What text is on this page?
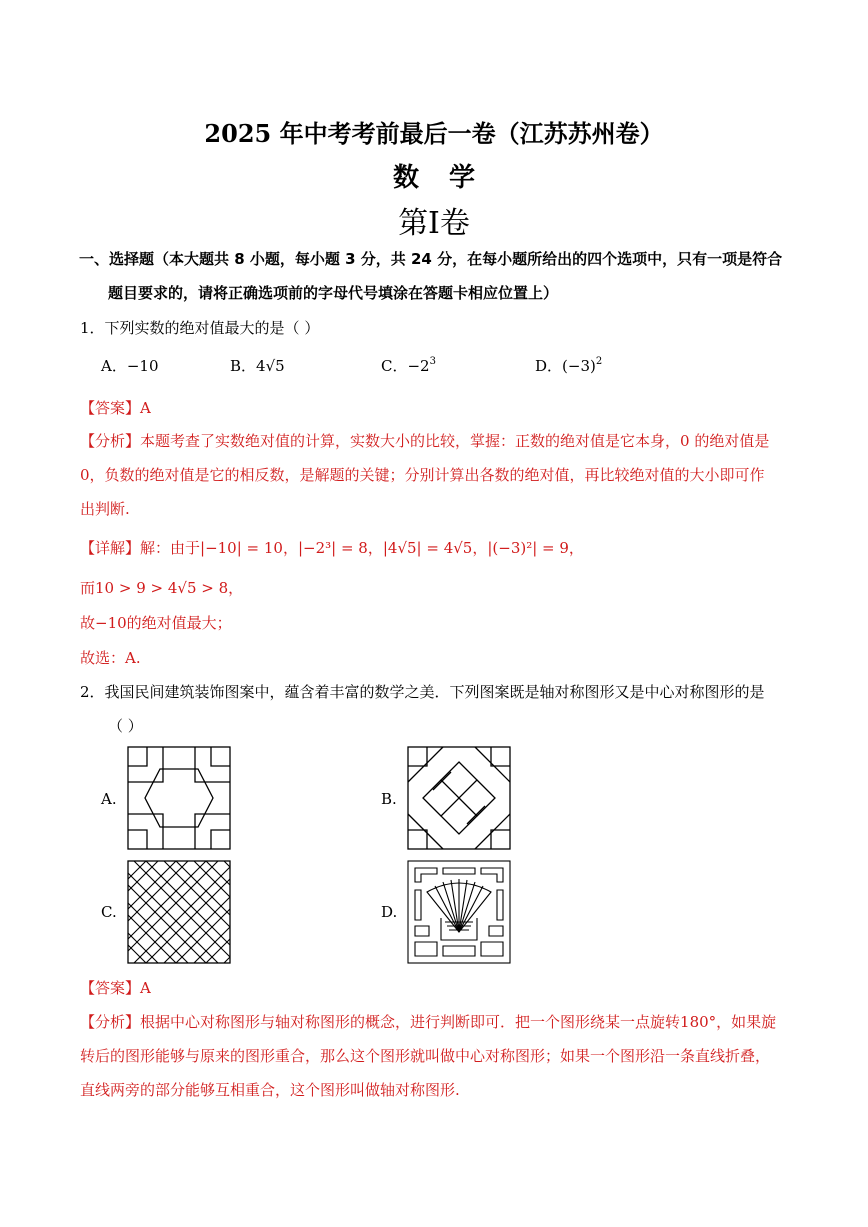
2025 年中考考前最后一卷（江苏苏州卷）
数学
第I卷
一、选择题（本大题共 8 小题，每小题 3 分，共 24 分，在每小题所给出的四个选项中，只有一项是符合
题目要求的，请将正确选项前的字母代号填涂在答题卡相应位置上）
1．下列实数的绝对值最大的是（ ）
A．−10	B．4√5	C．$-2^3$	D．$(-3)^2$
【答案】A
【分析】本题考查了实数绝对值的计算，实数大小的比较，掌握：正数的绝对值是它本身，0 的绝对值是
0，负数的绝对值是它的相反数，是解题的关键；分别计算出各数的绝对值，再比较绝对值的大小即可作
出判断.
【详解】解：由于|−10| = 10，|−2³| = 8，|4√5| = 4√5，|(−3)²| = 9，
而10 > 9 > 4√5 > 8，
故−10的绝对值最大；
故选：A.
2．我国民间建筑装饰图案中，蕴含着丰富的数学之美．下列图案既是轴对称图形又是中心对称图形的是
（ ）
A.	B.
C.	D.
【答案】A
【分析】根据中心对称图形与轴对称图形的概念，进行判断即可．把一个图形绕某一点旋转180°，如果旋
转后的图形能够与原来的图形重合，那么这个图形就叫做中心对称图形；如果一个图形沿一条直线折叠，
直线两旁的部分能够互相重合，这个图形叫做轴对称图形.
